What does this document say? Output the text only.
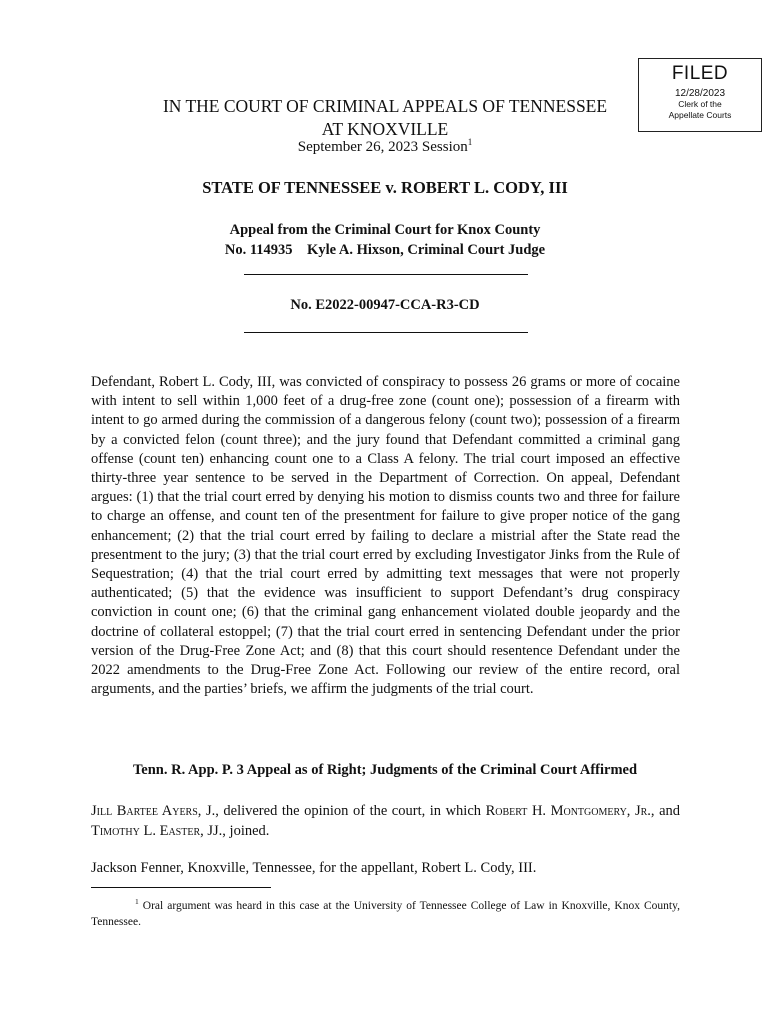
FILED
12/28/2023
Clerk of the
Appellate Courts
IN THE COURT OF CRIMINAL APPEALS OF TENNESSEE
AT KNOXVILLE
September 26, 2023 Session$^1$
STATE OF TENNESSEE v. ROBERT L. CODY, III
Appeal from the Criminal Court for Knox County
No. 114935    Kyle A. Hixson, Criminal Court Judge
No. E2022-00947-CCA-R3-CD

Defendant, Robert L. Cody, III, was convicted of conspiracy to possess 26 grams or more of cocaine with intent to sell within 1,000 feet of a drug-free zone (count one); possession of a firearm with intent to go armed during the commission of a dangerous felony (count two); possession of a firearm by a convicted felon (count three); and the jury found that Defendant committed a criminal gang offense (count ten) enhancing count one to a Class A felony. The trial court imposed an effective thirty-three year sentence to be served in the Department of Correction. On appeal, Defendant argues: (1) that the trial court erred by denying his motion to dismiss counts two and three for failure to charge an offense, and count ten of the presentment for failure to give proper notice of the gang enhancement; (2) that the trial court erred by failing to declare a mistrial after the State read the presentment to the jury; (3) that the trial court erred by excluding Investigator Jinks from the Rule of Sequestration; (4) that the trial court erred by admitting text messages that were not properly authenticated; (5) that the evidence was insufficient to support Defendant’s drug conspiracy conviction in count one; (6) that the criminal gang enhancement violated double jeopardy and the doctrine of collateral estoppel; (7) that the trial court erred in sentencing Defendant under the prior version of the Drug-Free Zone Act; and (8) that this court should resentence Defendant under the 2022 amendments to the Drug-Free Zone Act. Following our review of the entire record, oral arguments, and the parties’ briefs, we affirm the judgments of the trial court.

Tenn. R. App. P. 3 Appeal as of Right; Judgments of the Criminal Court Affirmed

Jill Bartee Ayers, J., delivered the opinion of the court, in which Robert H. Montgomery, Jr., and Timothy L. Easter, JJ., joined.

Jackson Fenner, Knoxville, Tennessee, for the appellant, Robert L. Cody, III.

$^1$ Oral argument was heard in this case at the University of Tennessee College of Law in Knoxville, Knox County, Tennessee.
